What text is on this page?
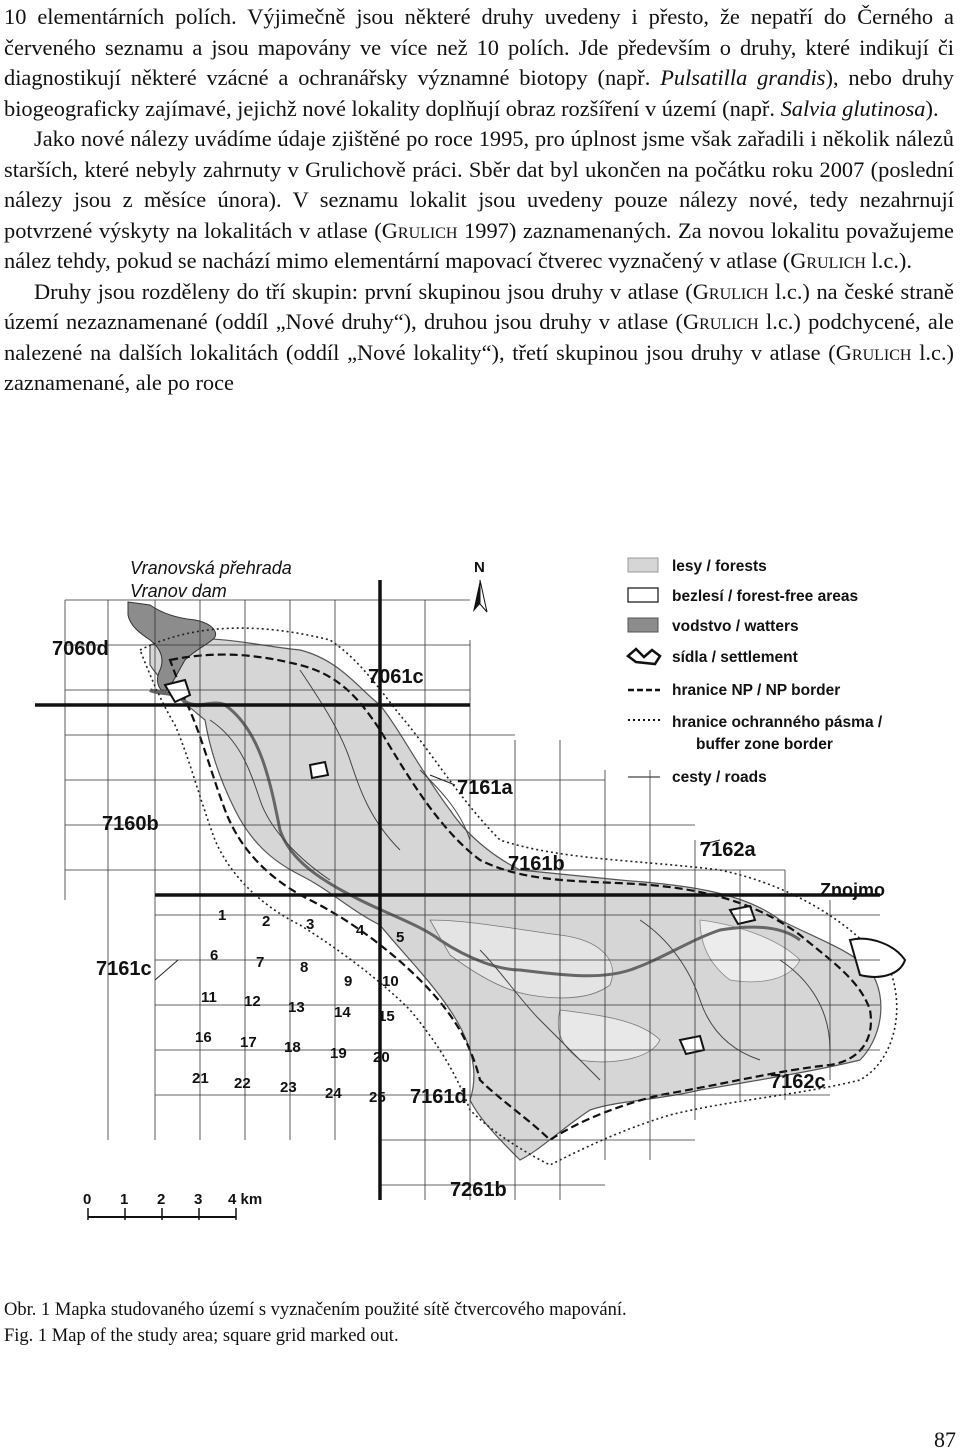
10 elementárních polích. Výjimečně jsou některé druhy uvedeny i přesto, že nepatří do Černého a červeného seznamu a jsou mapovány ve více než 10 polích. Jde především o druhy, které indikují či diagnostikují některé vzácné a ochranářsky významné biotopy (např. Pulsatilla grandis), nebo druhy biogeograficky zajímavé, jejichž nové lokality doplňují obraz rozšíření v území (např. Salvia glutinosa).

Jako nové nálezy uvádíme údaje zjištěné po roce 1995, pro úplnost jsme však zařadili i několik nálezů starších, které nebyly zahrnuty v Grulichově práci. Sběr dat byl ukončen na počátku roku 2007 (poslední nálezy jsou z měsíce února). V seznamu lokalit jsou uvedeny pouze nálezy nové, tedy nezahrnují potvrzené výskyty na lokalitách v atlase (Grulich 1997) zaznamenaných. Za novou lokalitu považujeme nález tehdy, pokud se nachází mimo elementární mapovací čtverec vyznačený v atlase (Grulich l.c.).

Druhy jsou rozděleny do tří skupin: první skupinou jsou druhy v atlase (Grulich l.c.) na české straně území nezaznamenané (oddíl „Nové druhy“), druhou jsou druhy v atlase (Grulich l.c.) podchycené, ale nalezené na dalších lokalitách (oddíl „Nové lokality“), třetí skupinou jsou druhy v atlase (Grulich l.c.) zaznamenané, ale po roce

1 2 3	4 5
6	7 8
9 10
11 12 13 14 15
16 17 18 19 20
21 22 23 24 25
7060d
7061c
7161a
7160b
7161b
7162a
7161c
7161d
7162c
7261b
Vranovská přehrada
Vranov dam
Znojmo
N	lesy / forests
bezlesí / forest-free areas
vodstvo / watters
sídla / settlement
hranice NP / NP border
hranice ochranného pásma /
buffer zone border
cesty / roads
0 1 2 3 4 km
Obr. 1 Mapka studovaného území s vyznačením použité sítě čtvercového mapování.
Fig. 1 Map of the study area; square grid marked out.
87
